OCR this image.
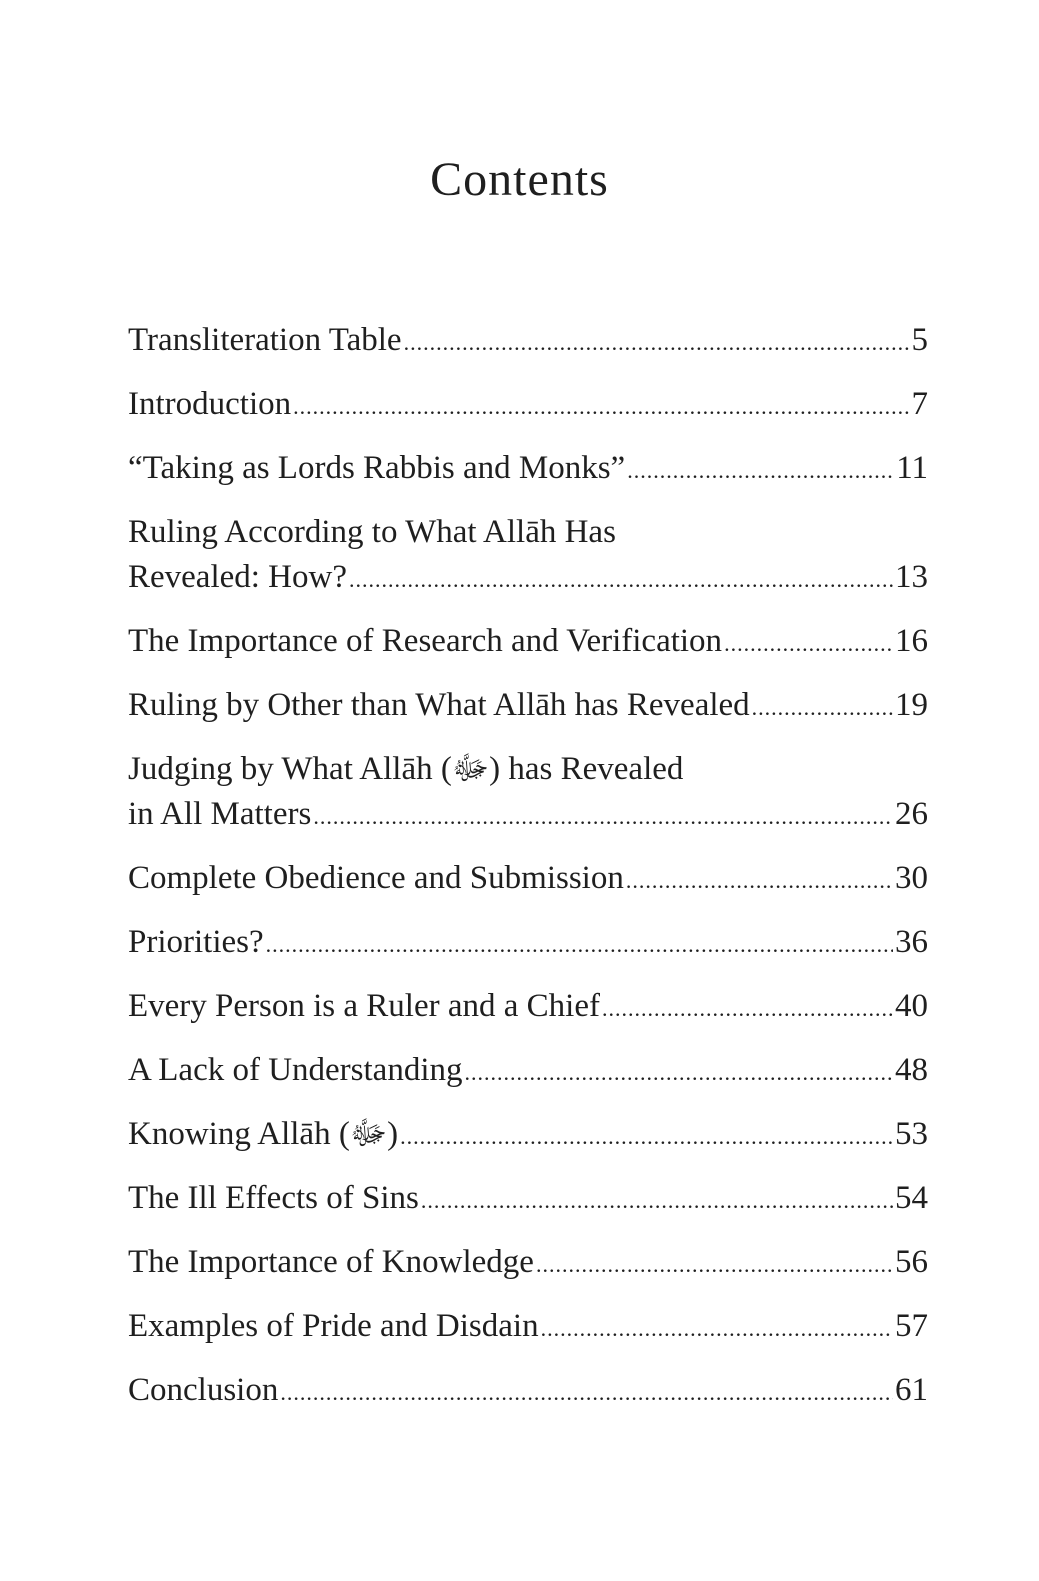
Contents
Transliteration Table .....	5
Introduction .....	7
“Taking as Lords Rabbis and Monks” .....	11
Ruling According to What Allāh Has
Revealed: How? .....	13
The Importance of Research and Verification .....	16
Ruling by Other than What Allāh has Revealed .....	19
Judging by What Allāh (ﷻ) has Revealed
in All Matters .....	26
Complete Obedience and Submission .....	30
Priorities? .....	36
Every Person is a Ruler and a Chief .....	40
A Lack of Understanding .....	48
Knowing Allāh (ﷻ) .....	53
The Ill Effects of Sins .....	54
The Importance of Knowledge .....	56
Examples of Pride and Disdain .....	57
Conclusion .....	61
